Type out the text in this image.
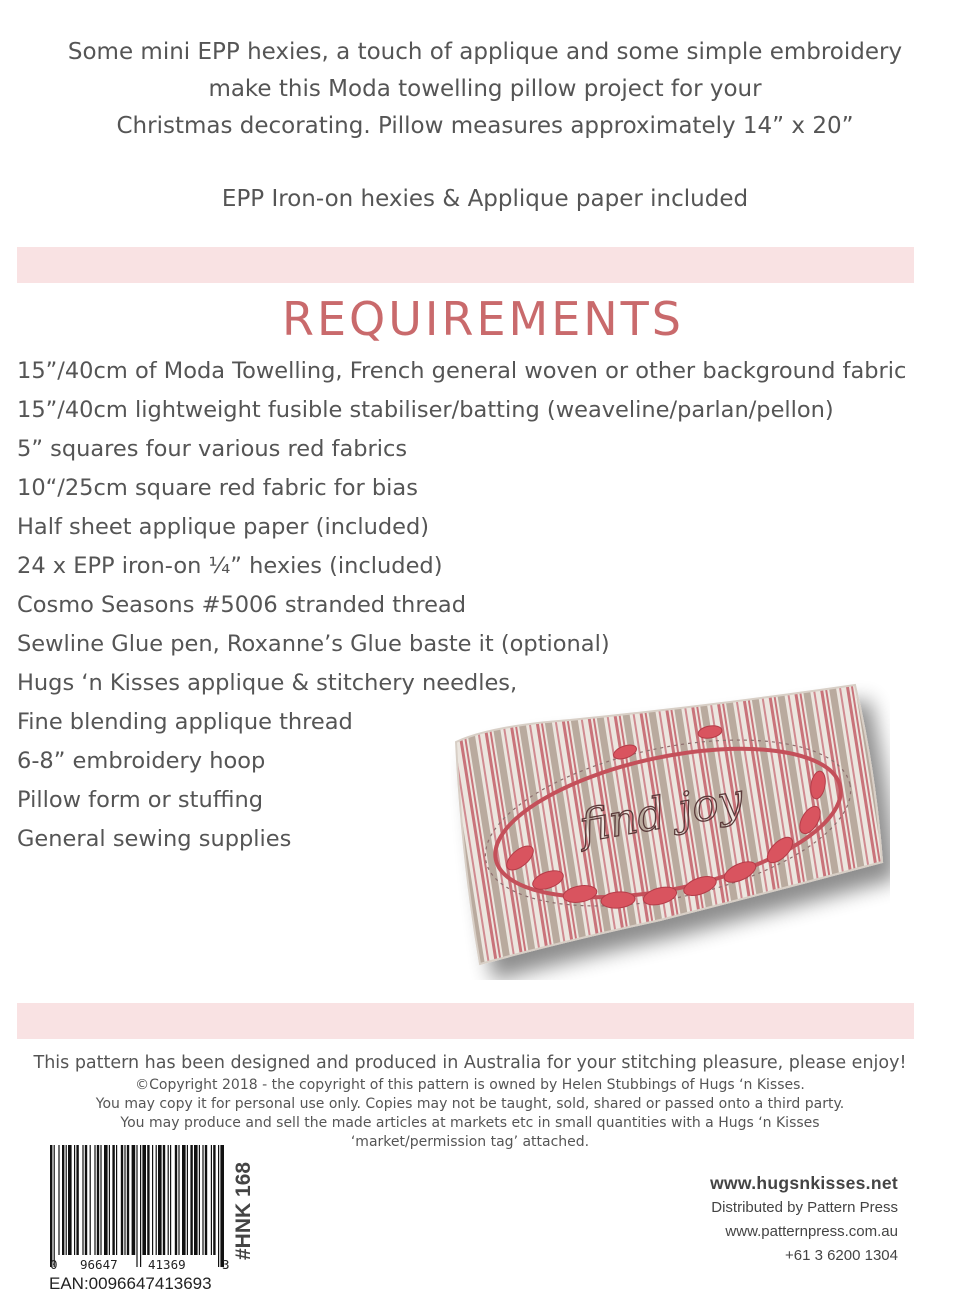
Some mini EPP hexies, a touch of applique and some simple embroidery

make this Moda towelling pillow project for your

Christmas decorating. Pillow measures approximately 14” x 20”

EPP Iron-on hexies & Applique paper included

REQUIREMENTS
15”/40cm of Moda Towelling, French general woven or other background fabric
15”/40cm lightweight fusible stabiliser/batting (weaveline/parlan/pellon)
5” squares four various red fabrics
10“/25cm square red fabric for bias
Half sheet applique paper (included)
24 x EPP iron-on ¼” hexies (included)
Cosmo Seasons #5006 stranded thread
Sewline Glue pen, Roxanne’s Glue baste it (optional)
Hugs ‘n Kisses applique & stitchery needles,
Fine blending applique thread
6-8” embroidery hoop
Pillow form or stuffing
General sewing supplies	find joy

This pattern has been designed and produced in Australia for your stitching pleasure, please enjoy!

©Copyright 2018 - the copyright of this pattern is owned by Helen Stubbings of Hugs ‘n Kisses.

You may copy it for personal use only. Copies may not be taught, sold, shared or passed onto a third party.

You may produce and sell the made articles at markets etc in small quantities with a Hugs ‘n Kisses

‘market/permission tag’ attached.

0 96647 41369	3
EAN:0096647413693
#HNK 168	www.hugsnkisses.net
Distributed by Pattern Press
www.patternpress.com.au
+61 3 6200 1304
